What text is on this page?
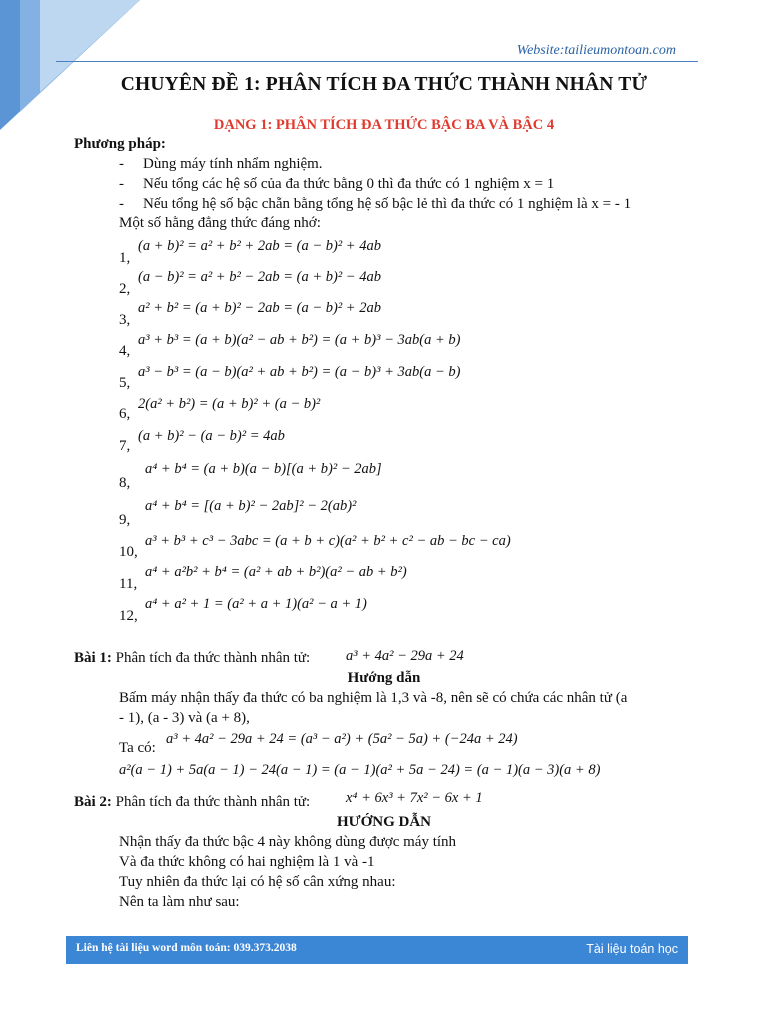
Website:tailieumontoan.com
CHUYÊN ĐỀ 1: PHÂN TÍCH ĐA THỨC THÀNH NHÂN TỬ
DẠNG 1: PHÂN TÍCH ĐA THỨC BẬC BA VÀ BẬC 4
Phương pháp:
- Dùng máy tính nhẩm nghiệm.
- Nếu tổng các hệ số của đa thức bằng 0 thì đa thức có 1 nghiệm x = 1
- Nếu tổng hệ số bậc chẵn bằng tổng hệ số bậc lẻ thì đa thức có 1 nghiệm là x = - 1
Một số hằng đẳng thức đáng nhớ:
1,
(a + b)² = a² + b² + 2ab = (a − b)² + 4ab
2,
(a − b)² = a² + b² − 2ab = (a + b)² − 4ab
3,
a² + b² = (a + b)² − 2ab = (a − b)² + 2ab
4,
a³ + b³ = (a + b)(a² − ab + b²) = (a + b)³ − 3ab(a + b)
5,
a³ − b³ = (a − b)(a² + ab + b²) = (a − b)³ + 3ab(a − b)
6,
2(a² + b²) = (a + b)² + (a − b)²
7,
(a + b)² − (a − b)² = 4ab
8,
a⁴ + b⁴ = (a + b)(a − b)[(a + b)² − 2ab]
9,
a⁴ + b⁴ = [(a + b)² − 2ab]² − 2(ab)²
10,
a³ + b³ + c³ − 3abc = (a + b + c)(a² + b² + c² − ab − bc − ca)
11,
a⁴ + a²b² + b⁴ = (a² + ab + b²)(a² − ab + b²)
12,
a⁴ + a² + 1 = (a² + a + 1)(a² − a + 1)
Bài 1: Phân tích đa thức thành nhân tử: a³ + 4a² − 29a + 24
Hướng dẫn
Bấm máy nhận thấy đa thức có ba nghiệm là 1,3 và -8, nên sẽ có chứa các nhân tử (a
- 1), (a - 3) và (a + 8),
Ta có:
a³ + 4a² − 29a + 24 = (a³ − a²) + (5a² − 5a) + (−24a + 24)
a²(a − 1) + 5a(a − 1) − 24(a − 1) = (a − 1)(a² + 5a − 24) = (a − 1)(a − 3)(a + 8)
Bài 2: Phân tích đa thức thành nhân tử: x⁴ + 6x³ + 7x² − 6x + 1
HƯỚNG DẪN
Nhận thấy đa thức bậc 4 này không dùng được máy tính
Và đa thức không có hai nghiệm là 1 và -1
Tuy nhiên đa thức lại có hệ số cân xứng nhau:
Nên ta làm như sau:
Liên hệ tài liệu word môn toán: 039.373.2038	Tài liệu toán học
